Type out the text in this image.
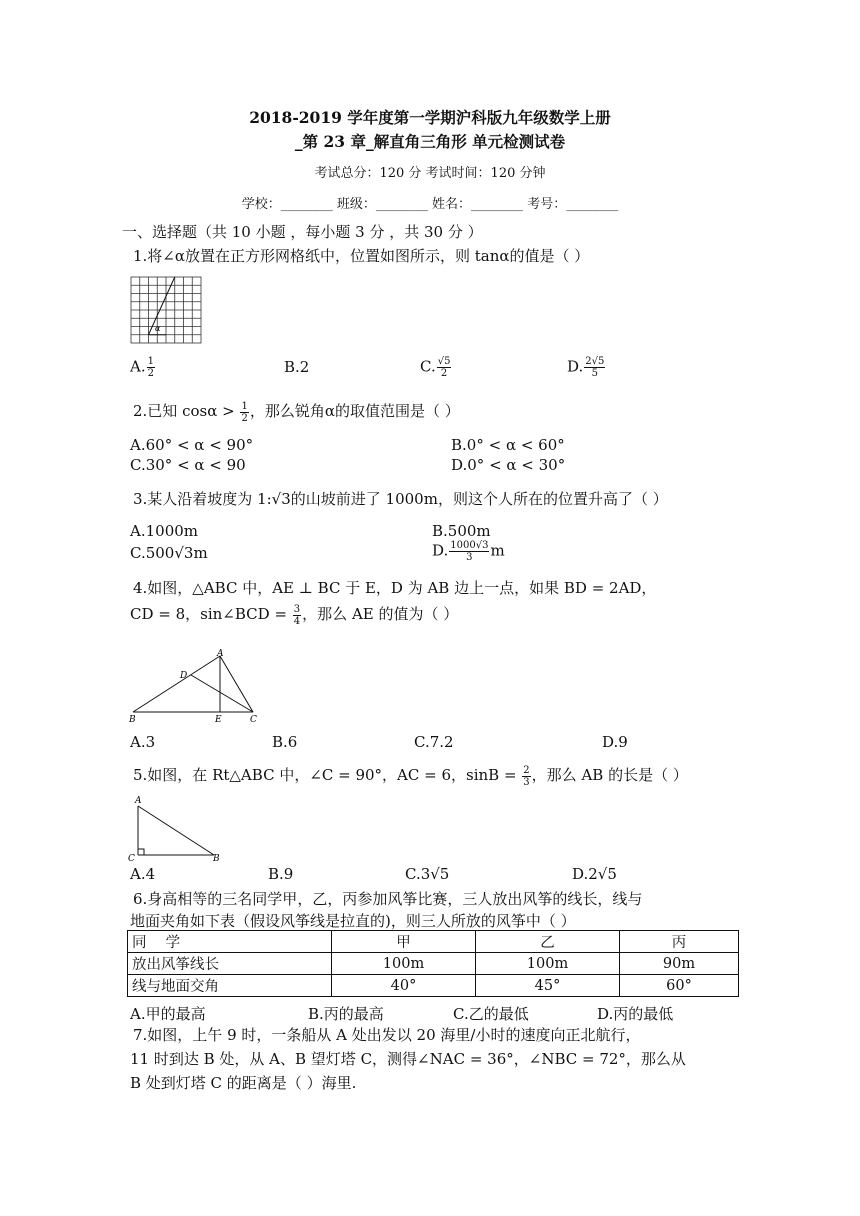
2018-2019 学年度第一学期沪科版九年级数学上册
_第 23 章_解直角三角形 单元检测试卷
考试总分：120 分 考试时间：120 分钟
学校：________ 班级：________ 姓名：________ 考号：________
一、选择题（共 10 小题 ，每小题 3 分 ，共 30 分 ）
1.将∠α放置在正方形网格纸中，位置如图所示，则 tanα的值是（ ）
α
A. $\frac{1}{2}$	B.2	C. $\frac{√5}{2}$	D. $\frac{2√5}{5}$
2.已知 $\cos\alpha > \frac{1}{2}$ ，那么锐角α的取值范围是（ ）
A.60° < α < 90°	B.0° < α < 60°
C.30° < α < 90	D.0° < α < 30°
3.某人沿着坡度为 1:√3的山坡前进了 1000m，则这个人所在的位置升高了（ ）
A.1000m	B.500m
C.500√3m	D. $\frac{1000√3}{3}$ m
4.如图，△ABC 中，AE ⊥ BC 于 E，D 为 AB 边上一点，如果 BD = 2AD，
CD = 8，sin∠BCD = $\frac{3}{4}$ ，那么 AE 的值为（ ）
A
D
B	E	C
A.3	B.6	C.7.2	D.9
5.如图，在 Rt△ABC 中，∠C = 90°，AC = 6，$\sin B = \frac{2}{3}$ ，那么 AB 的长是（ ）
A
C	B
A.4	B.9	C.3√5	D.2√5
6.身高相等的三名同学甲，乙，丙参加风筝比赛，三人放出风筝的线长，线与
地面夹角如下表（假设风筝线是拉直的)，则三人所放的风筝中（ ）
同　 学	甲	乙	丙
放出风筝线长	100m	100m	90m
线与地面交角	40°	45°	60°
A.甲的最高	B.丙的最高	C.乙的最低	D.丙的最低
7.如图，上午 9 时，一条船从 A 处出发以 20 海里/小时的速度向正北航行，
11 时到达 B 处，从 A、B 望灯塔 C，测得∠NAC = 36°，∠NBC = 72°，那么从
B 处到灯塔 C 的距离是（ ）海里.
